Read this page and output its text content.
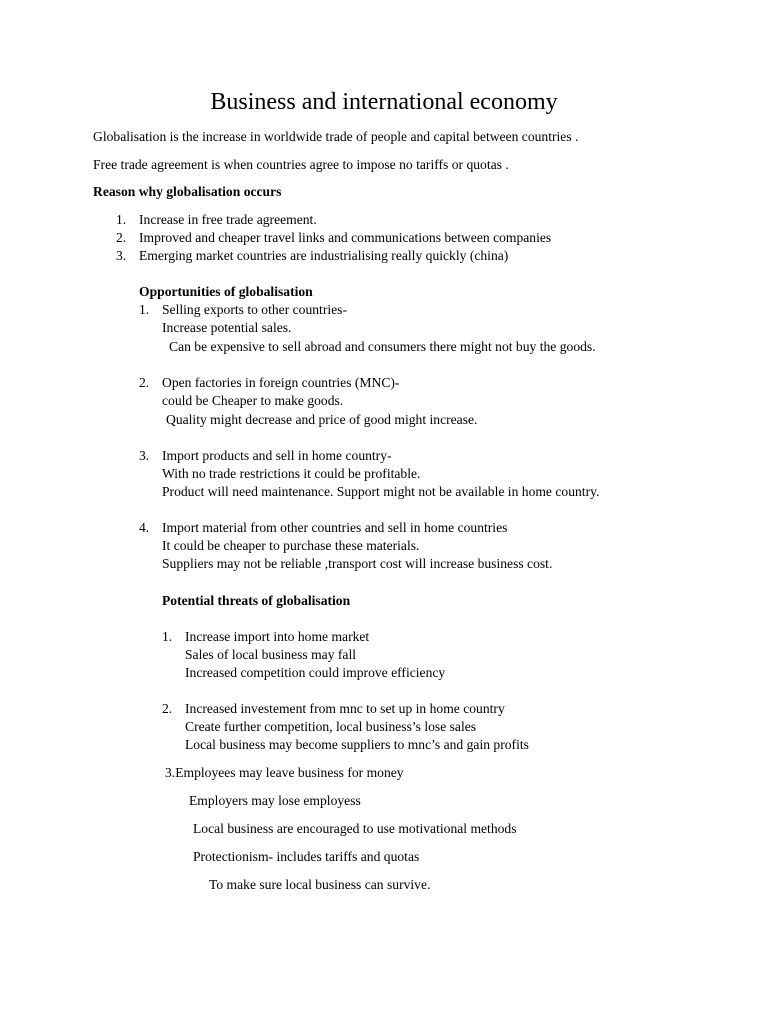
Business and international economy
Globalisation is the increase in worldwide trade of people and capital between countries .
Free trade agreement is when countries agree to impose no tariffs or quotas .
Reason why globalisation occurs
1. Increase in free trade agreement.
2. Improved and cheaper travel links and communications between companies
3. Emerging market countries are industrialising really quickly (china)
Opportunities of globalisation
1. Selling exports to other countries-
Increase potential sales.
Can be expensive to sell abroad and consumers there might not buy the goods.
2. Open factories in foreign countries (MNC)-
could be Cheaper to make goods.
Quality might decrease and price of good might increase.
3. Import products and sell in home country-
With no trade restrictions it could be profitable.
Product will need maintenance. Support might not be available in home country.
4. Import material from other countries and sell in home countries
It could be cheaper to purchase these materials.
Suppliers may not be reliable ,transport cost will increase business cost.
Potential threats of globalisation
1. Increase import into home market
Sales of local business may fall
Increased competition could improve efficiency
2. Increased investement from mnc to set up in home country
Create further competition, local business’s lose sales
Local business may become suppliers to mnc’s and gain profits
3.Employees may leave business for money
Employers may lose employess
Local business are encouraged to use motivational methods
Protectionism- includes tariffs and quotas
To make sure local business can survive.
